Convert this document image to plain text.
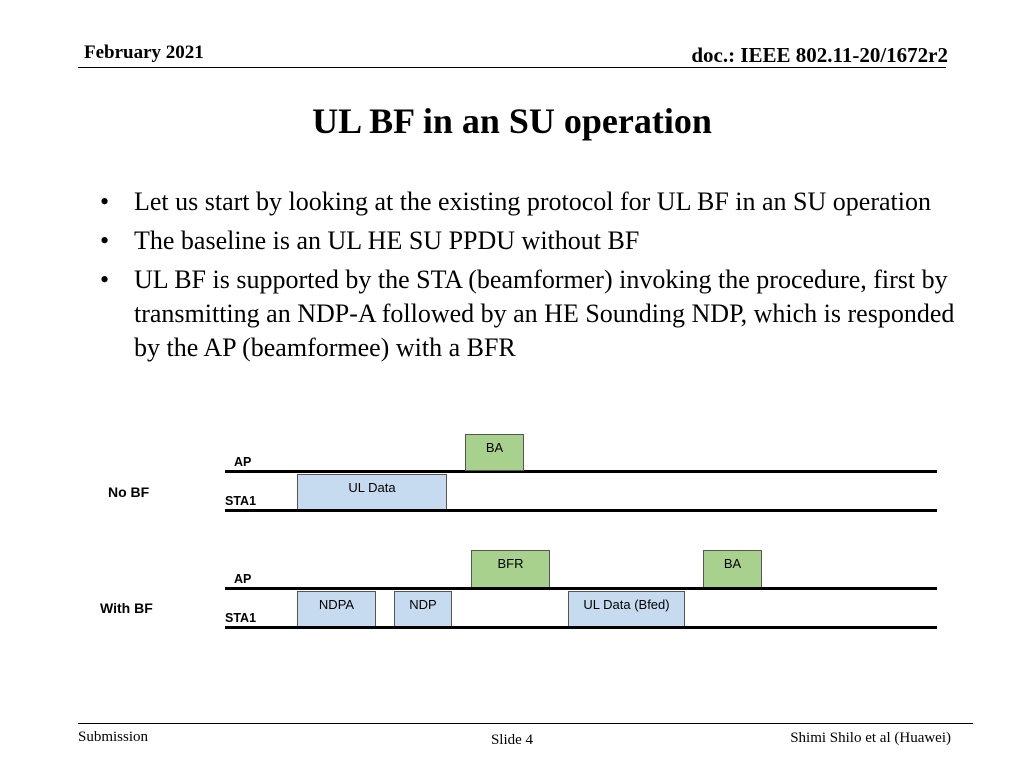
February 2021	doc.: IEEE 802.11-20/1672r2
UL BF in an SU operation
• Let us start by looking at the existing protocol for UL BF in an SU operation
• The baseline is an UL HE SU PPDU without BF
• UL BF is supported by the STA (beamformer) invoking the procedure, first by transmitting an NDP-A followed by an HE Sounding NDP, which is responded by the AP (beamformee) with a BFR
No BF
AP
BA
STA1
UL Data
With BF
AP
BFR	BA
STA1
NDPA	NDP	UL Data (Bfed)
Submission	Slide 4	Shimi Shilo et al (Huawei)
